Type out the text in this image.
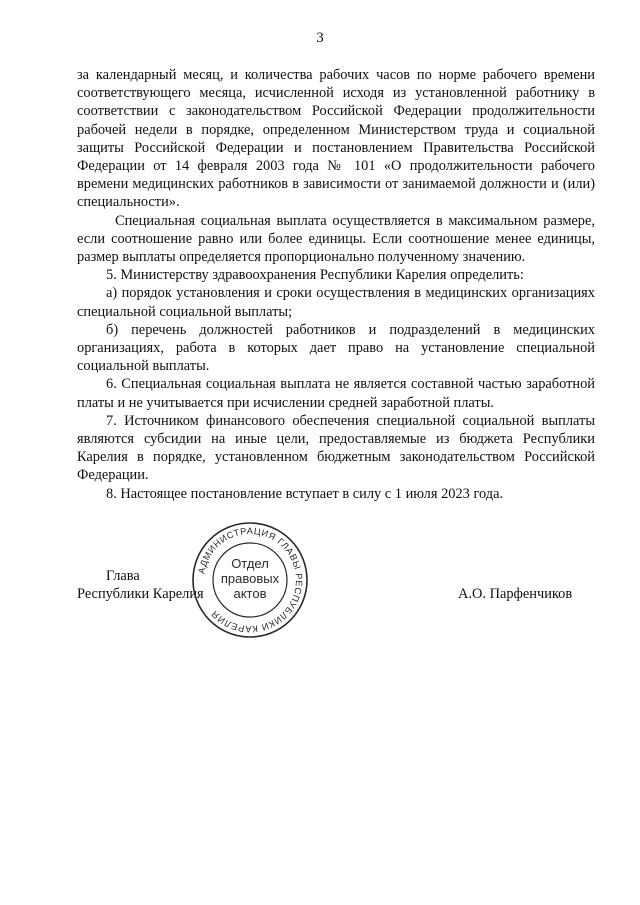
3

за календарный месяц, и количества рабочих часов по норме рабочего времени соответствующего месяца, исчисленной исходя из установленной работнику в соответствии с законодательством Российской Федерации продолжительности рабочей недели в порядке, определенном Министерством труда и социальной защиты Российской Федерации и постановлением Правительства Российской Федерации от 14 февраля 2003 года № 101 «О продолжительности рабочего времени медицинских работников в зависимости от занимаемой должности и (или) специальности».

Специальная социальная выплата осуществляется в максимальном размере, если соотношение равно или более единицы. Если соотношение менее единицы, размер выплаты определяется пропорционально полученному значению.

5. Министерству здравоохранения Республики Карелия определить:

а) порядок установления и сроки осуществления в медицинских организациях специальной социальной выплаты;

б) перечень должностей работников и подразделений в медицинских организациях, работа в которых дает право на установление специальной социальной выплаты.

6. Специальная социальная выплата не является составной частью заработной платы и не учитывается при исчислении средней заработной платы.

7. Источником финансового обеспечения специальной социальной выплаты являются субсидии на иные цели, предоставляемые из бюджета Республики Карелия в порядке, установленном бюджетным законодательством Российской Федерации.

8. Настоящее постановление вступает в силу с 1 июля 2023 года.

Глава
Республики Карелия	А.О. Парфенчиков
АДМИНИСТРАЦИЯ ГЛАВЫ РЕСПУБЛИКИ КАРЕЛИЯ
Отдел
правовых
актов
